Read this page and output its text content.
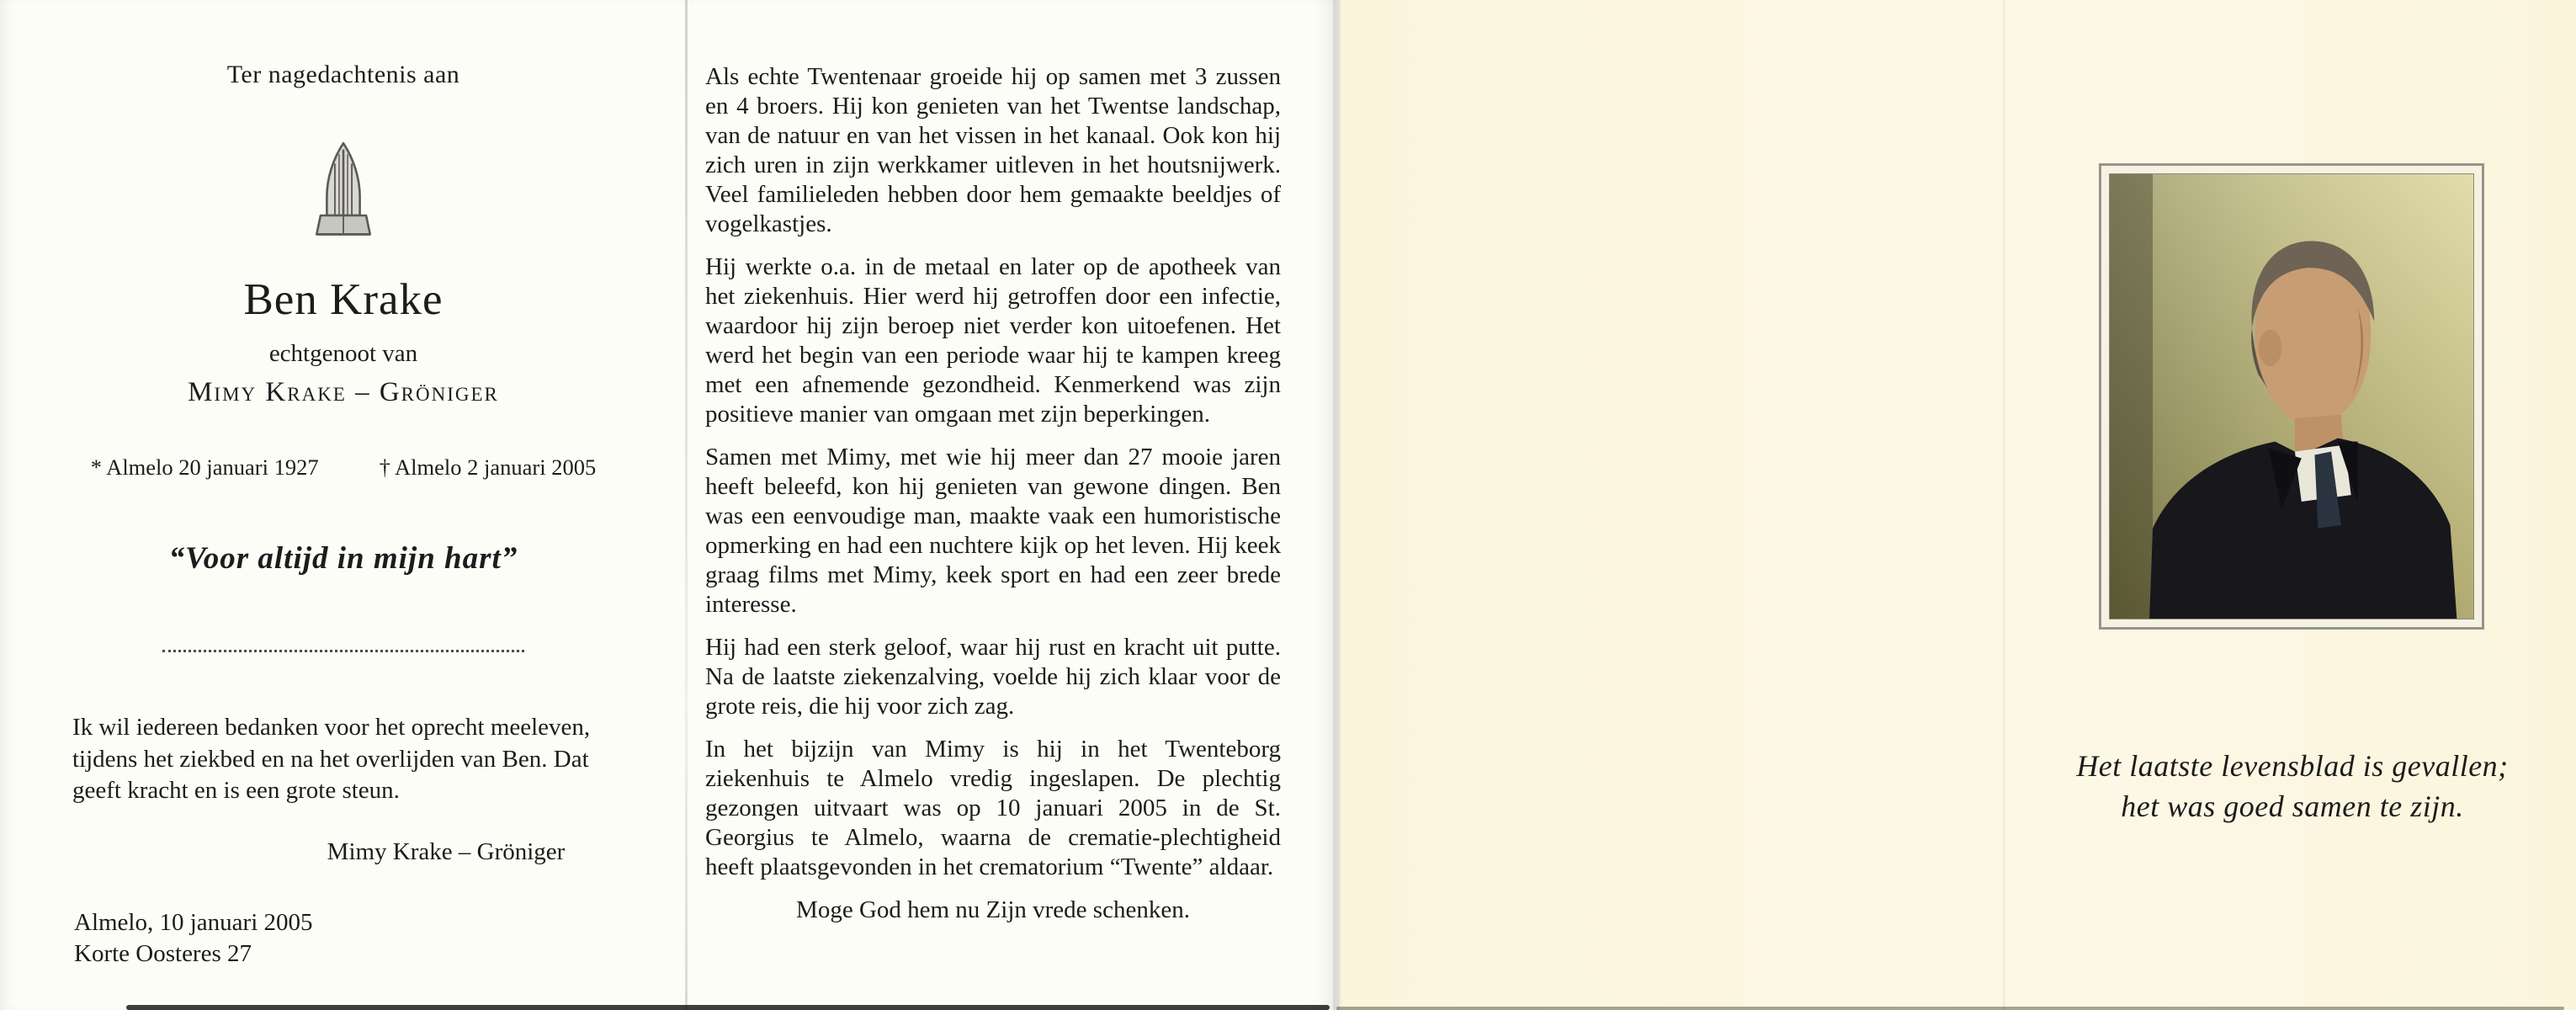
Ter nagedachtenis aan
Ben Krake
echtgenoot van
Mimy Krake – Gröniger
* Almelo 20 januari 1927	† Almelo 2 januari 2005
“Voor altijd in mijn hart”
Ik wil iedereen bedanken voor het oprecht meeleven, tijdens het ziekbed en na het overlijden van Ben. Dat geeft kracht en is een grote steun.
Mimy Krake – Gröniger
Almelo, 10 januari 2005
Korte Oosteres 27

Als echte Twentenaar groeide hij op samen met 3 zussen en 4 broers. Hij kon genieten van het Twentse landschap, van de natuur en van het vissen in het kanaal. Ook kon hij zich uren in zijn werkkamer uitleven in het houtsnijwerk. Veel familieleden hebben door hem gemaakte beeldjes of vogelkastjes.

Hij werkte o.a. in de metaal en later op de apotheek van het ziekenhuis. Hier werd hij getroffen door een infectie, waardoor hij zijn beroep niet verder kon uitoefenen. Het werd het begin van een periode waar hij te kampen kreeg met een afnemende gezondheid. Kenmerkend was zijn positieve manier van omgaan met zijn beperkingen.

Samen met Mimy, met wie hij meer dan 27 mooie jaren heeft beleefd, kon hij genieten van gewone dingen. Ben was een eenvoudige man, maakte vaak een humoristische opmerking en had een nuchtere kijk op het leven. Hij keek graag films met Mimy, keek sport en had een zeer brede interesse.

Hij had een sterk geloof, waar hij rust en kracht uit putte. Na de laatste ziekenzalving, voelde hij zich klaar voor de grote reis, die hij voor zich zag.

In het bijzijn van Mimy is hij in het Twenteborg ziekenhuis te Almelo vredig ingeslapen. De plechtig gezongen uitvaart was op 10 januari 2005 in de St. Georgius te Almelo, waarna de crematie-plechtigheid heeft plaatsgevonden in het crematorium “Twente” aldaar.

Moge God hem nu Zijn vrede schenken.

Het laatste levensblad is gevallen;
het was goed samen te zijn.
